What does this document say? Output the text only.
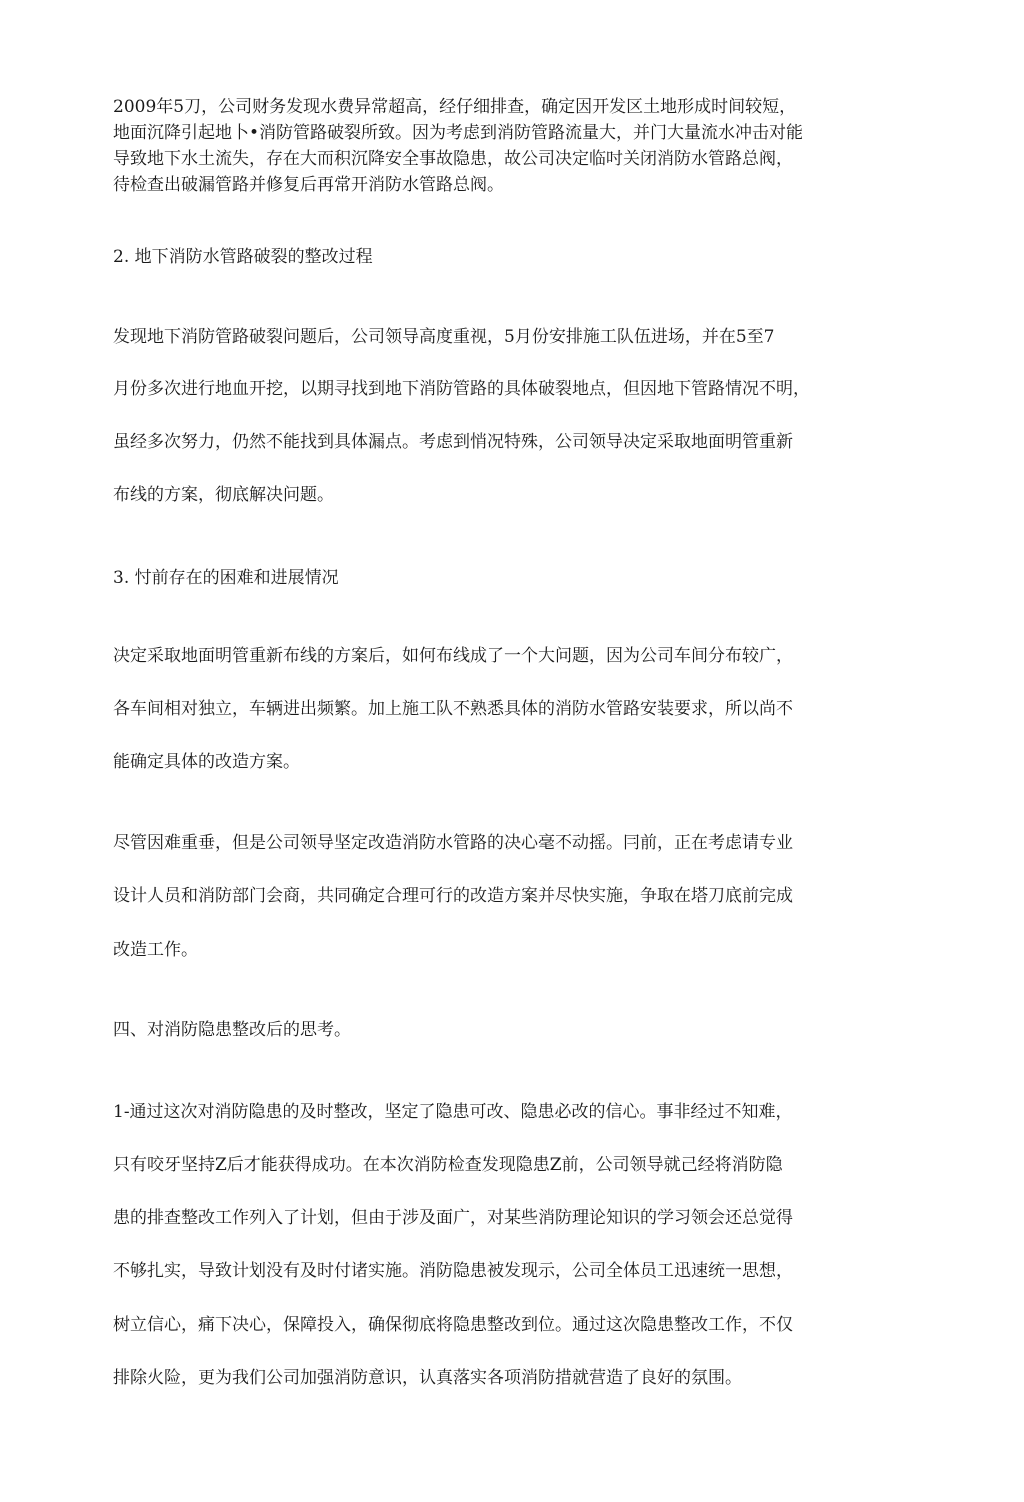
2009年5刀，公司财务发现水费异常超高，经仔细排查，确定因开发区土地形成时间较短，
地面沉降引起地卜•消防管路破裂所致。因为考虑到消防管路流量大，并门大量流水冲击对能
导致地下水土流失，存在大而积沉降安全事故隐患，故公司决定临吋关闭消防水管路总阀，
待检查出破漏管路并修复后再常开消防水管路总阀。
2. 地下消防水管路破裂的整改过程
发现地下消防管路破裂问题后，公司领导高度重视，5月份安排施工队伍进场，并在5至7
月份多次进行地血开挖，以期寻找到地下消防管路的具体破裂地点，但因地下管路情况不明，
虽经多次努力，仍然不能找到具体漏点。考虑到悄况特殊，公司领导决定采取地面明管重新
布线的方案，彻底解决问题。
3. 忖前存在的困难和进展情况
决定采取地面明管重新布线的方案后，如何布线成了一个大问题，因为公司车间分布较广，
各车间相对独立，车辆进出频繁。加上施工队不熟悉具体的消防水管路安装要求，所以尚不
能确定具体的改造方案。
尽管因难重垂，但是公司领导坚定改造消防水管路的决心毫不动摇。冃前，正在考虑请专业
设计人员和消防部门会商，共同确定合理可行的改造方案并尽快实施，争取在塔刀底前完成
改造工作。
四、对消防隐患整改后的思考。
1-通过这次对消防隐患的及时整改，坚定了隐患可改、隐患必改的信心。事非经过不知难，
只有咬牙坚持Z后才能获得成功。在本次消防检查发现隐患Z前，公司领导就己经将消防隐
患的排查整改工作列入了计划，但由于涉及面广，对某些消防理论知识的学习领会还总觉得
不够扎实，导致计划没有及时付诸实施。消防隐患被发现示，公司全体员工迅速统一思想，
树立信心，痛下决心，保障投入，确保彻底将隐患整改到位。通过这次隐患整改工作，不仅
排除火险，更为我们公司加强消防意识，认真落实各项消防措就营造了良好的氛围。
